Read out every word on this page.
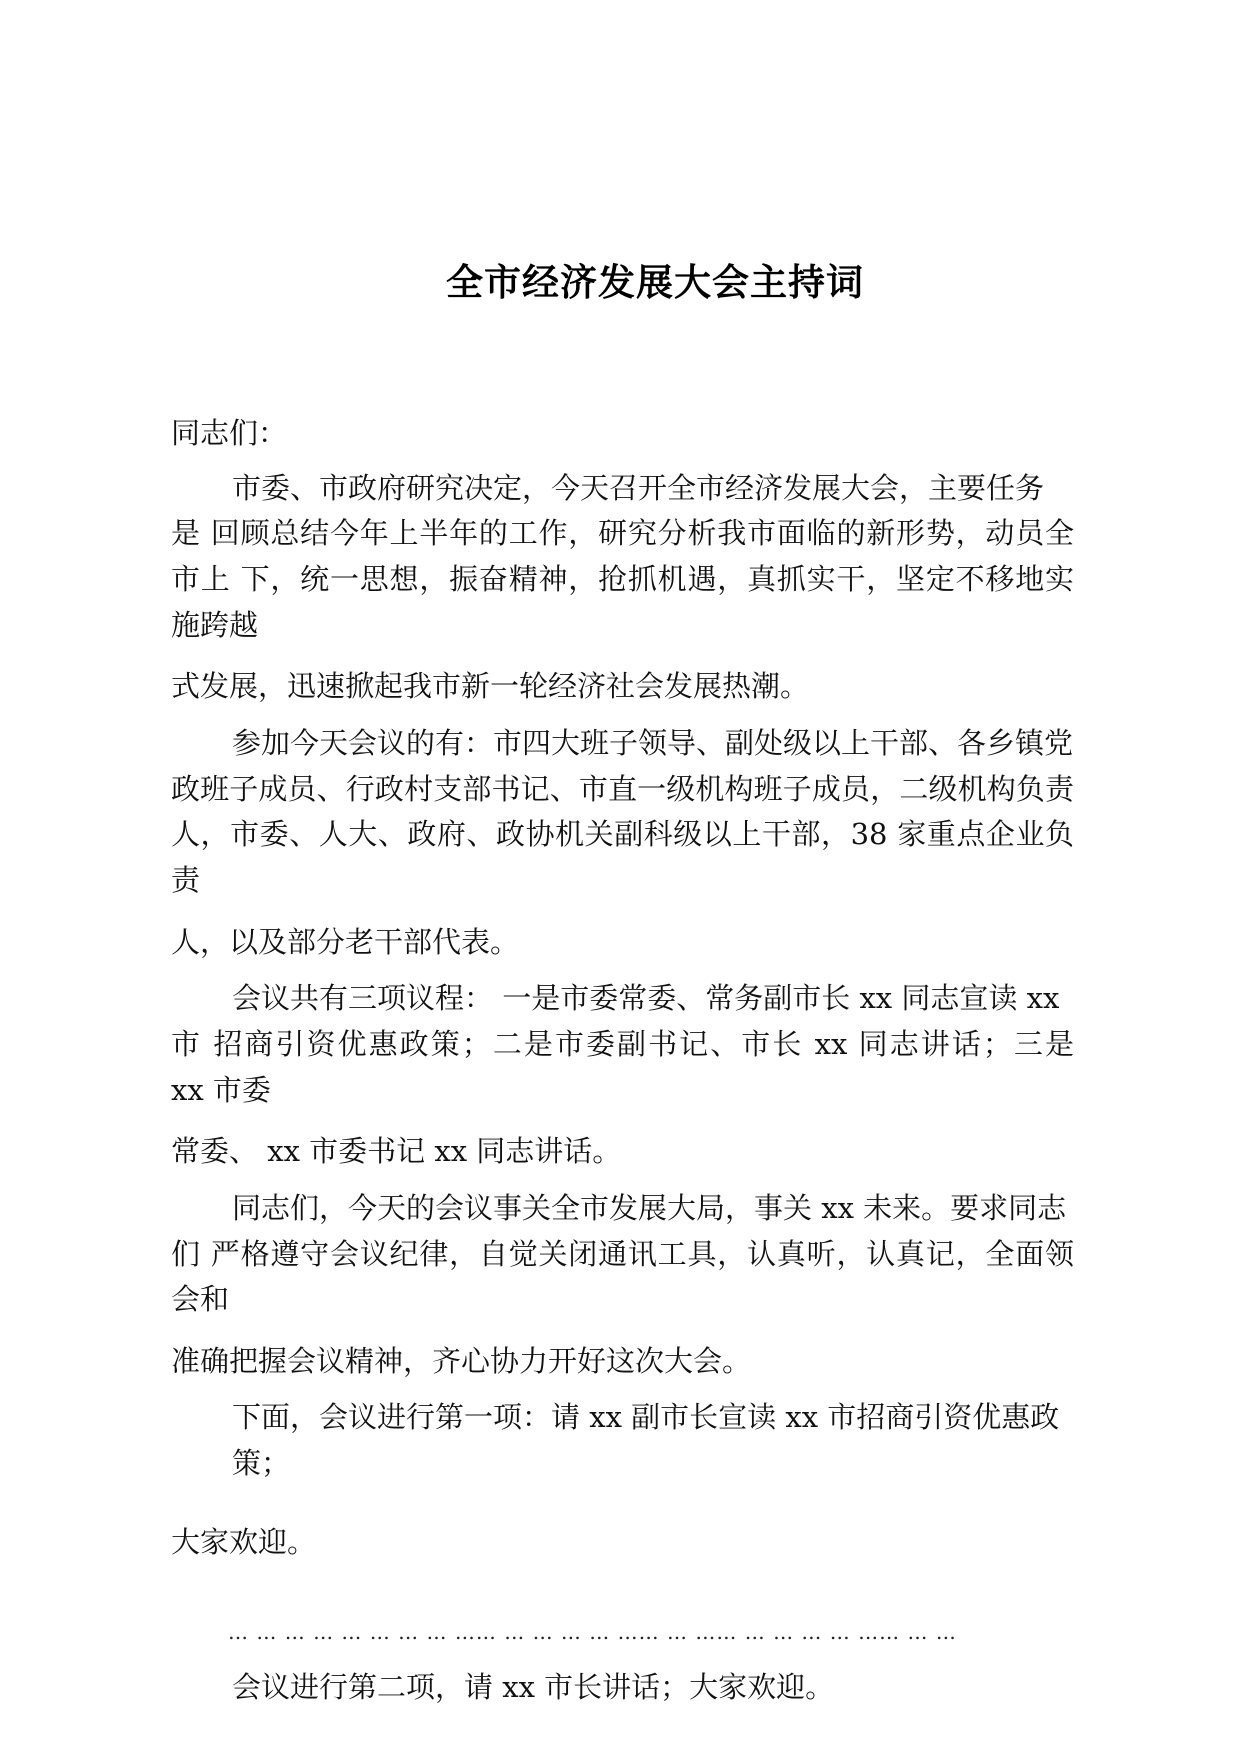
全市经济发展大会主持词
同志们：
市委、市政府研究决定，今天召开全市经济发展大会，主要任务
是 回顾总结今年上半年的工作，研究分析我市面临的新形势，动员全
市上 下，统一思想，振奋精神，抢抓机遇，真抓实干，坚定不移地实
施跨越
式发展，迅速掀起我市新一轮经济社会发展热潮。
参加今天会议的有：市四大班子领导、副处级以上干部、各乡镇党
政班子成员、行政村支部书记、市直一级机构班子成员，二级机构负责
人，市委、人大、政府、政协机关副科级以上干部，38 家重点企业负
责
人，以及部分老干部代表。
会议共有三项议程： 一是市委常委、常务副市长 xx 同志宣读 xx
市 招商引资优惠政策；二是市委副书记、市长 xx 同志讲话；三是
xx 市委
常委、 xx 市委书记 xx 同志讲话。
同志们，今天的会议事关全市发展大局，事关 xx 未来。要求同志
们 严格遵守会议纪律，自觉关闭通讯工具，认真听，认真记，全面领
会和
准确把握会议精神，齐心协力开好这次大会。
下面，会议进行第一项：请 xx 副市长宣读 xx 市招商引资优惠政
策；
大家欢迎。
… … … … … … … … …… … … … … …… … …… … … … … …… … …
会议进行第二项，请 xx 市长讲话；大家欢迎。
